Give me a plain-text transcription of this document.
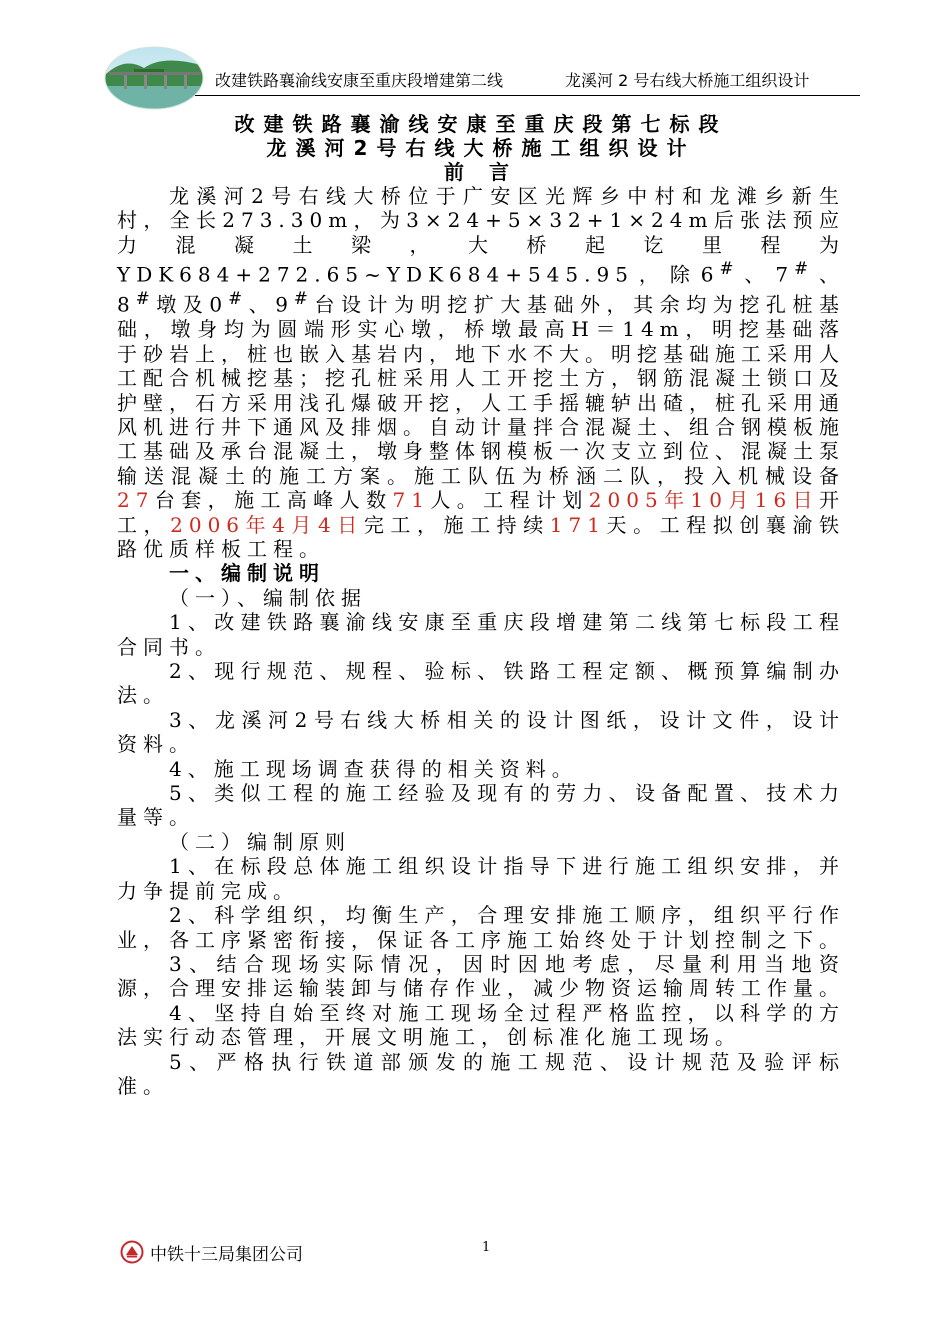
改建铁路襄渝线安康至重庆段增建第二线	龙溪河 2 号右线大桥施工组织设计

改建铁路襄渝线安康至重庆段第七标段

龙溪河2号右线大桥施工组织设计

前 言

龙溪河2号右线大桥位于广安区光辉乡中村和龙滩乡新生村，全长273.30m，为3×24+5×32+1×24m后张法预应力混凝土梁，大桥起讫里程为YDK684+272.65~YDK684+545.95，除6#、7#、8#墩及0#、9#台设计为明挖扩大基础外，其余均为挖孔桩基础，墩身均为圆端形实心墩，桥墩最高H＝14m，明挖基础落于砂岩上，桩也嵌入基岩内，地下水不大。明挖基础施工采用人工配合机械挖基；挖孔桩采用人工开挖土方，钢筋混凝土锁口及护壁，石方采用浅孔爆破开挖，人工手摇辘轳出碴，桩孔采用通风机进行井下通风及排烟。自动计量拌合混凝土、组合钢模板施工基础及承台混凝土，墩身整体钢模板一次支立到位、混凝土泵输送混凝土的施工方案。施工队伍为桥涵二队，投入机械设备27台套，施工高峰人数71人。工程计划2005年10月16日开工，2006年4月4日完工，施工持续171天。工程拟创襄渝铁路优质样板工程。

一、编制说明

（一）、编制依据

1、改建铁路襄渝线安康至重庆段增建第二线第七标段工程合同书。

2、现行规范、规程、验标、铁路工程定额、概预算编制办法。

3、龙溪河2号右线大桥相关的设计图纸，设计文件，设计资料。

4、施工现场调查获得的相关资料。

5、类似工程的施工经验及现有的劳力、设备配置、技术力量等。

（二）编制原则

1、在标段总体施工组织设计指导下进行施工组织安排，并力争提前完成。

2、科学组织，均衡生产，合理安排施工顺序，组织平行作业，各工序紧密衔接，保证各工序施工始终处于计划控制之下。

3、结合现场实际情况，因时因地考虑，尽量利用当地资源，合理安排运输装卸与储存作业，减少物资运输周转工作量。

4、坚持自始至终对施工现场全过程严格监控，以科学的方法实行动态管理，开展文明施工，创标准化施工现场。

5、严格执行铁道部颁发的施工规范、设计规范及验评标准。

中铁十三局集团公司	1
